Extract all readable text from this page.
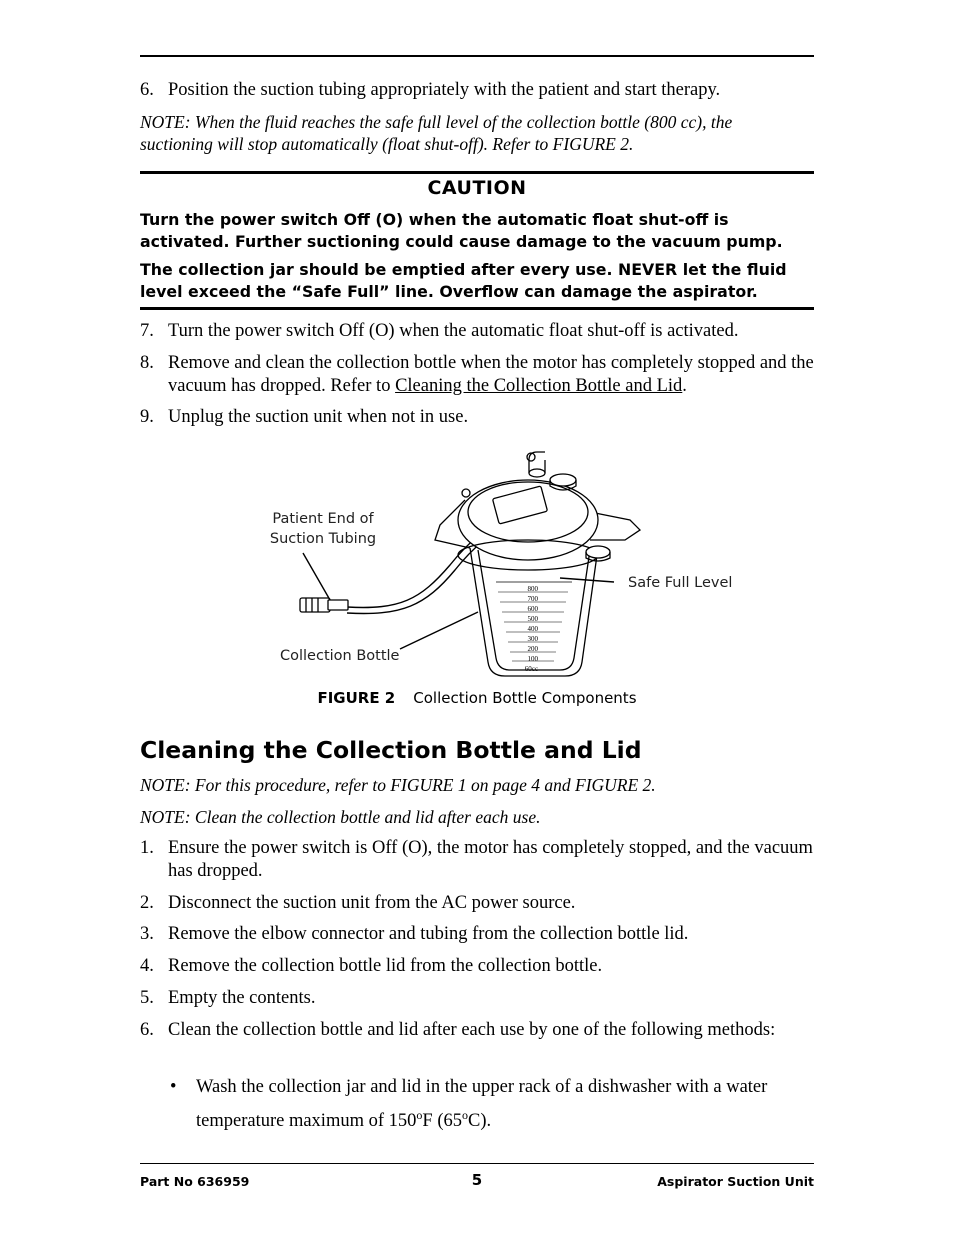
6. Position the suction tubing appropriately with the patient and start therapy.
NOTE: When the fluid reaches the safe full level of the collection bottle (800 cc), the suctioning will stop automatically (float shut-off). Refer to FIGURE 2.
CAUTION
Turn the power switch Off (O) when the automatic float shut-off is activated. Further suctioning could cause damage to the vacuum pump.
The collection jar should be emptied after every use. NEVER let the fluid level exceed the “Safe Full” line. Overflow can damage the aspirator.
7. Turn the power switch Off (O) when the automatic float shut-off is activated.
8. Remove and clean the collection bottle when the motor has completely stopped and the vacuum has dropped. Refer to Cleaning the Collection Bottle and Lid.
9. Unplug the suction unit when not in use.
800
700
600
500
400
300
200
100
60cc
Patient End of
Suction Tubing
Safe Full Level
Collection Bottle
FIGURE 2 Collection Bottle Components
Cleaning the Collection Bottle and Lid
NOTE: For this procedure, refer to FIGURE 1 on page 4 and FIGURE 2.
NOTE: Clean the collection bottle and lid after each use.
1. Ensure the power switch is Off (O), the motor has completely stopped, and the vacuum has dropped.
2. Disconnect the suction unit from the AC power source.
3. Remove the elbow connector and tubing from the collection bottle lid.
4. Remove the collection bottle lid from the collection bottle.
5. Empty the contents.
6. Clean the collection bottle and lid after each use by one of the following methods:
• Wash the collection jar and lid in the upper rack of a dishwasher with a water temperature maximum of 150$^o$F (65$^o$C).
Part No 636959	5	Aspirator Suction Unit
